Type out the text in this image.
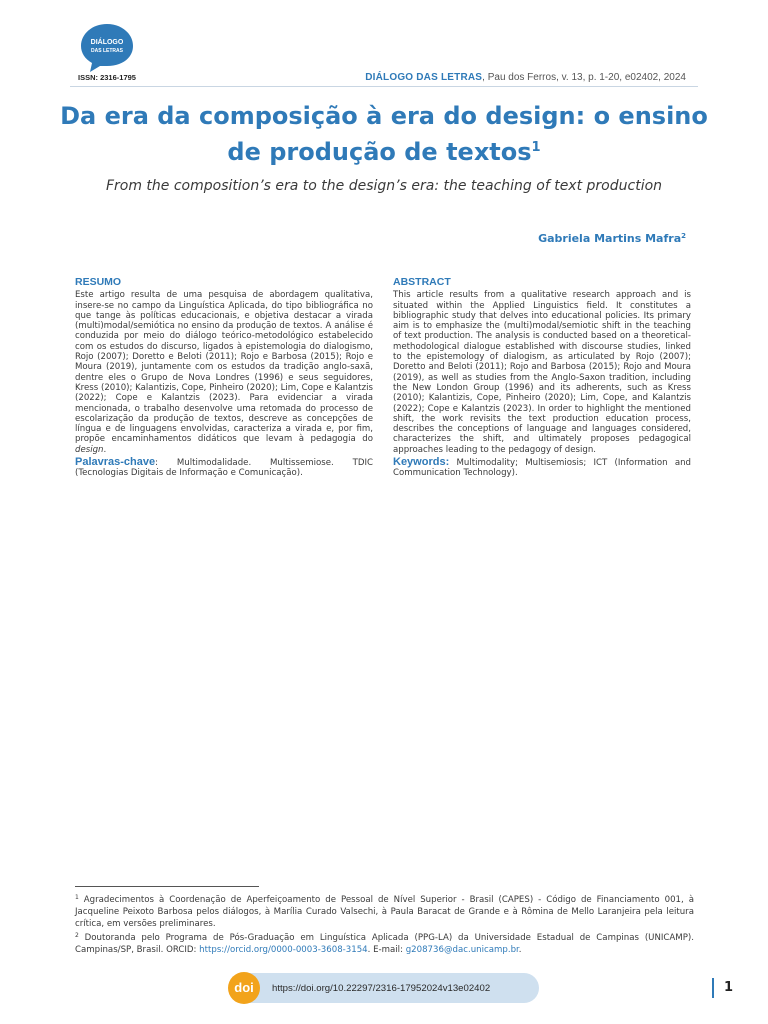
DIÁLOGO
DAS LETRAS
ISSN: 2316-1795	DIÁLOGO DAS LETRAS, Pau dos Ferros, v. 13, p. 1-20, e02402, 2024
Da era da composição à era do design: o ensino
de produção de textos$^1$
From the composition’s era to the design’s era: the teaching of text production
Gabriela Martins Mafra$^2$
RESUMO

Este artigo resulta de uma pesquisa de abordagem qualitativa, insere-se no campo da Linguística Aplicada, do tipo bibliográfica no que tange às políticas educacionais, e objetiva destacar a virada (multi)modal/semiótica no ensino da produção de textos. A análise é conduzida por meio do diálogo teórico-metodológico estabelecido com os estudos do discurso, ligados à epistemologia do dialogismo, Rojo (2007); Doretto e Beloti (2011); Rojo e Barbosa (2015); Rojo e Moura (2019), juntamente com os estudos da tradição anglo-saxã, dentre eles o Grupo de Nova Londres (1996) e seus seguidores, Kress (2010); Kalantizis, Cope, Pinheiro (2020); Lim, Cope e Kalantzis (2022); Cope e Kalantzis (2023). Para evidenciar a virada mencionada, o trabalho desenvolve uma retomada do processo de escolarização da produção de textos, descreve as concepções de língua e de linguagens envolvidas, caracteriza a virada e, por fim, propõe encaminhamentos didáticos que levam à pedagogia do design.

Palavras-chave: Multimodalidade. Multissemiose. TDIC (Tecnologias Digitais de Informação e Comunicação).
ABSTRACT

This article results from a qualitative research approach and is situated within the Applied Linguistics field. It constitutes a bibliographic study that delves into educational policies. Its primary aim is to emphasize the (multi)modal/semiotic shift in the teaching of text production. The analysis is conducted based on a theoretical-methodological dialogue established with discourse studies, linked to the epistemology of dialogism, as articulated by Rojo (2007); Doretto and Beloti (2011); Rojo and Barbosa (2015); Rojo and Moura (2019), as well as studies from the Anglo-Saxon tradition, including the New London Group (1996) and its adherents, such as Kress (2010); Kalantizis, Cope, Pinheiro (2020); Lim, Cope, and Kalantzis (2022); Cope e Kalantzis (2023). In order to highlight the mentioned shift, the work revisits the text production education process, describes the conceptions of language and languages considered, characterizes the shift, and ultimately proposes pedagogical approaches leading to the pedagogy of design.

Keywords: Multimodality; Multisemiosis; ICT (Information and Communication Technology).
$^1$ Agradecimentos à Coordenação de Aperfeiçoamento de Pessoal de Nível Superior - Brasil (CAPES) - Código de Financiamento 001, à Jacqueline Peixoto Barbosa pelos diálogos, à Marília Curado Valsechi, à Paula Baracat de Grande e à Rômina de Mello Laranjeira pela leitura crítica, em versões preliminares.
$^2$ Doutoranda pelo Programa de Pós-Graduação em Linguística Aplicada (PPG-LA) da Universidade Estadual de Campinas (UNICAMP). Campinas/SP, Brasil. ORCID: https://orcid.org/0000-0003-3608-3154. E-mail: g208736@dac.unicamp.br.
doi	https://doi.org/10.22297/2316-17952024v13e02402	1
